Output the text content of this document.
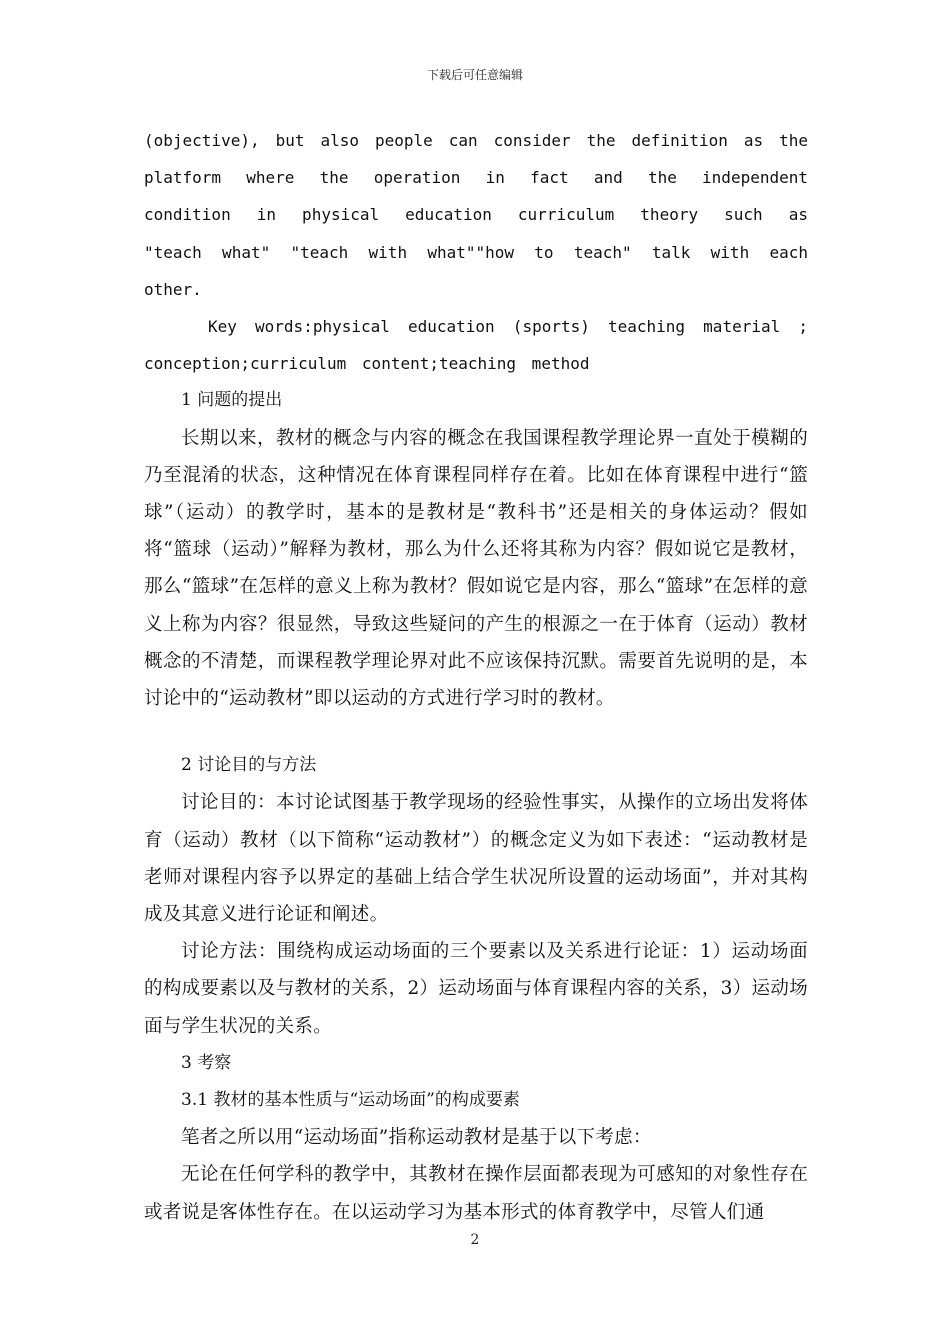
下载后可任意编辑

(objective), but also people can consider the definition as the platform where the operation in fact and the independent condition in physical education curriculum theory such as "teach what" "teach with what""how to teach" talk with each other.

Key words:physical education (sports) teaching material ; conception;curriculum content;teaching method

1 问题的提出

长期以来，教材的概念与内容的概念在我国课程教学理论界一直处于模糊的乃至混淆的状态，这种情况在体育课程同样存在着。比如在体育课程中进行“篮球”（运动）的教学时，基本的是教材是“教科书”还是相关的身体运动？假如将“篮球（运动）”解释为教材，那么为什么还将其称为内容？假如说它是教材，那么“篮球”在怎样的意义上称为教材？假如说它是内容，那么“篮球”在怎样的意义上称为内容？很显然，导致这些疑问的产生的根源之一在于体育（运动）教材概念的不清楚，而课程教学理论界对此不应该保持沉默。需要首先说明的是，本讨论中的“运动教材”即以运动的方式进行学习时的教材。

2 讨论目的与方法

讨论目的：本讨论试图基于教学现场的经验性事实，从操作的立场出发将体育（运动）教材（以下简称“运动教材”）的概念定义为如下表述：“运动教材是老师对课程内容予以界定的基础上结合学生状况所设置的运动场面”，并对其构成及其意义进行论证和阐述。

讨论方法：围绕构成运动场面的三个要素以及关系进行论证：1）运动场面的构成要素以及与教材的关系，2）运动场面与体育课程内容的关系，3）运动场面与学生状况的关系。

3 考察

3.1 教材的基本性质与“运动场面”的构成要素

笔者之所以用“运动场面”指称运动教材是基于以下考虑：

无论在任何学科的教学中，其教材在操作层面都表现为可感知的对象性存在或者说是客体性存在。在以运动学习为基本形式的体育教学中，尽管人们通

2
